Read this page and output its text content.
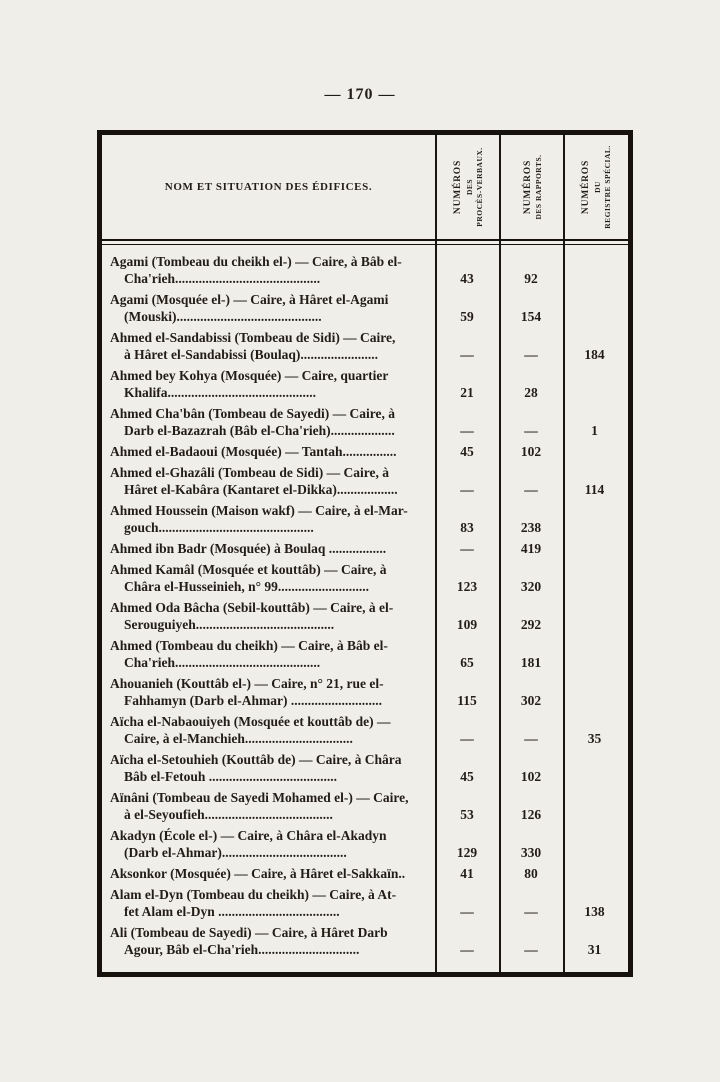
— 170 —
NOM ET SITUATION DES ÉDIFICES.	NUMÉROS DES PROCÈS-VERBAUX.	NUMÉROS DES RAPPORTS.	NUMÉROS DU REGISTRE SPÉCIAL.
Agami (Tombeau du cheikh el-) — Caire, à Bâb el-
Cha'rieh...........................................	43	92
Agami (Mosquée el-) — Caire, à Hâret el-Agami
(Mouski)...........................................	59	154
Ahmed el-Sandabissi (Tombeau de Sidi) — Caire,
à Hâret el-Sandabissi (Boulaq).......................	—	—	184
Ahmed bey Kohya (Mosquée) — Caire, quartier
Khalifa............................................	21	28
Ahmed Cha'bân (Tombeau de Sayedi) — Caire, à
Darb el-Bazazrah (Bâb el-Cha'rieh)...................	—	—	1
Ahmed el-Badaoui (Mosquée) — Tantah................	45	102
Ahmed el-Ghazâli (Tombeau de Sidi) — Caire, à
Hâret el-Kabâra (Kantaret el-Dikka)..................	—	—	114
Ahmed Houssein (Maison wakf) — Caire, à el-Mar-
gouch..............................................	83	238
Ahmed ibn Badr (Mosquée) à Boulaq .................	—	419
Ahmed Kamâl (Mosquée et kouttâb) — Caire, à
Châra el-Husseinieh, n° 99...........................	123	320
Ahmed Oda Bâcha (Sebil-kouttâb) — Caire, à el-
Serouguiyeh.........................................	109	292
Ahmed (Tombeau du cheikh) — Caire, à Bâb el-
Cha'rieh...........................................	65	181
Ahouanieh (Kouttâb el-) — Caire, n° 21, rue el-
Fahhamyn (Darb el-Ahmar) ...........................	115	302
Aïcha el-Nabaouiyeh (Mosquée et kouttâb de) —
Caire, à el-Manchieh................................	—	—	35
Aïcha el-Setouhieh (Kouttâb de) — Caire, à Châra
Bâb el-Fetouh ......................................	45	102
Aïnâni (Tombeau de Sayedi Mohamed el-) — Caire,
à el-Seyoufieh......................................	53	126
Akadyn (École el-) — Caire, à Châra el-Akadyn
(Darb el-Ahmar).....................................	129	330
Aksonkor (Mosquée) — Caire, à Hâret el-Sakkaïn..	41	80
Alam el-Dyn (Tombeau du cheikh) — Caire, à At-
fet Alam el-Dyn ....................................	—	—	138
Ali (Tombeau de Sayedi) — Caire, à Hâret Darb
Agour, Bâb el-Cha'rieh..............................	—	—	31
